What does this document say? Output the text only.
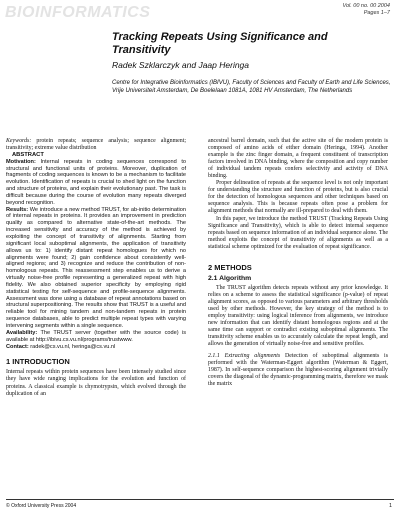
BIOINFORMATICS	Vol. 00 no. 00 2004
Pages 1–7
Tracking Repeats Using Significance and Transitivity
Radek Szklarczyk and Jaap Heringa
Centre for Integrative Bioinformatics (IBIVU), Faculty of Sciences and Faculty of Earth and Life Sciences, Vrije Universiteit Amsterdam, De Boelelaan 1081A, 1081 HV Amsterdam, The Netherlands

Keywords: protein repeats; sequence analysis; sequence alignment; transitivity; extreme value distribution

ABSTRACT

Motivation: Internal repeats in coding sequences correspond to structural and functional units of proteins. Moreover, duplication of fragments of coding sequences is known to be a mechanism to facilitate evolution. Identification of repeats is crucial to shed light on the function and structure of proteins, and explain their evolutionary past. The task is difficult because during the course of evolution many repeats diverged beyond recognition.

Results: We introduce a new method TRUST, for ab-initio determination of internal repeats in proteins. It provides an improvement in prediction quality as compared to alternative state-of-the-art methods. The increased sensitivity and accuracy of the method is achieved by exploiting the concept of transitivity of alignments. Starting from significant local suboptimal alignments, the application of transitivity allows us to: 1) identify distant repeat homologues for which no alignments were found; 2) gain confidence about consistently well-aligned regions; and 3) recognize and reduce the contribution of non-homologous repeats. This reassessment step enables us to derive a virtually noise-free profile representing a generalized repeat with high fidelity. We also obtained superior specificity by employing rigid statistical testing for self-sequence and profile-sequence alignments. Assessment was done using a database of repeat annotations based on structural superpositioning. The results show that TRUST is a useful and reliable tool for mining tandem and non-tandem repeats in protein sequence databases, able to predict multiple repeat types with varying intervening segments within a single sequence.

Availability: The TRUST server (together with the source code) is available at http://ibivu.cs.vu.nl/programs/trustwww.

Contact: radek@cs.vu.nl, heringa@cs.vu.nl

1 INTRODUCTION

Internal repeats within protein sequences have been intensely studied since they have wide ranging implications for the evolution and function of proteins. A classical example is chymotrypsin, which evolved through the duplication of an

ancestral barrel domain, such that the active site of the modern protein is composed of amino acids of either domain (Heringa, 1994). Another example is the zinc finger domain, a frequent constituent of transcription factors involved in DNA binding, where the composition and copy number of individual tandem repeats confers selectivity and activity of DNA binding.

Proper delineation of repeats at the sequence level is not only important for understanding the structure and function of proteins, but is also crucial for the detection of homologous sequences and other techniques based on sequence analysis. This is because repeats often pose a problem for alignment methods that normally are ill-prepared to deal with them.

In this paper, we introduce the method TRUST (Tracking Repeats Using Significance and Transitivity), which is able to detect internal sequence repeats based on sequence information of an individual sequence alone. The method exploits the concept of transitivity of alignments as well as a statistical scheme optimized for the evaluation of repeat significance.

2 METHODS
2.1 Algorithm

The TRUST algorithm detects repeats without any prior knowledge. It relies on a scheme to assess the statistical significance (p-value) of repeat alignment scores, as opposed to various parameters and arbitrary thresholds used by other methods. However, the key strategy of the method is to employ transitivity: using logical inference from alignments, we introduce new information that can identify distant homologous regions and at the same time can support or contradict existing suboptimal alignments. The transitivity scheme enables us to accurately calculate the repeat length, and allows the generation of virtually noise-free and sensitive profiles.

2.1.1 Extracting alignments Detection of suboptimal alignments is performed with the Waterman-Eggert algorithm (Waterman & Eggert, 1987). In self-sequence comparison the highest-scoring alignment trivially covers the diagonal of the dynamic-programming matrix, therefore we mask the matrix

© Oxford University Press 2004	1
